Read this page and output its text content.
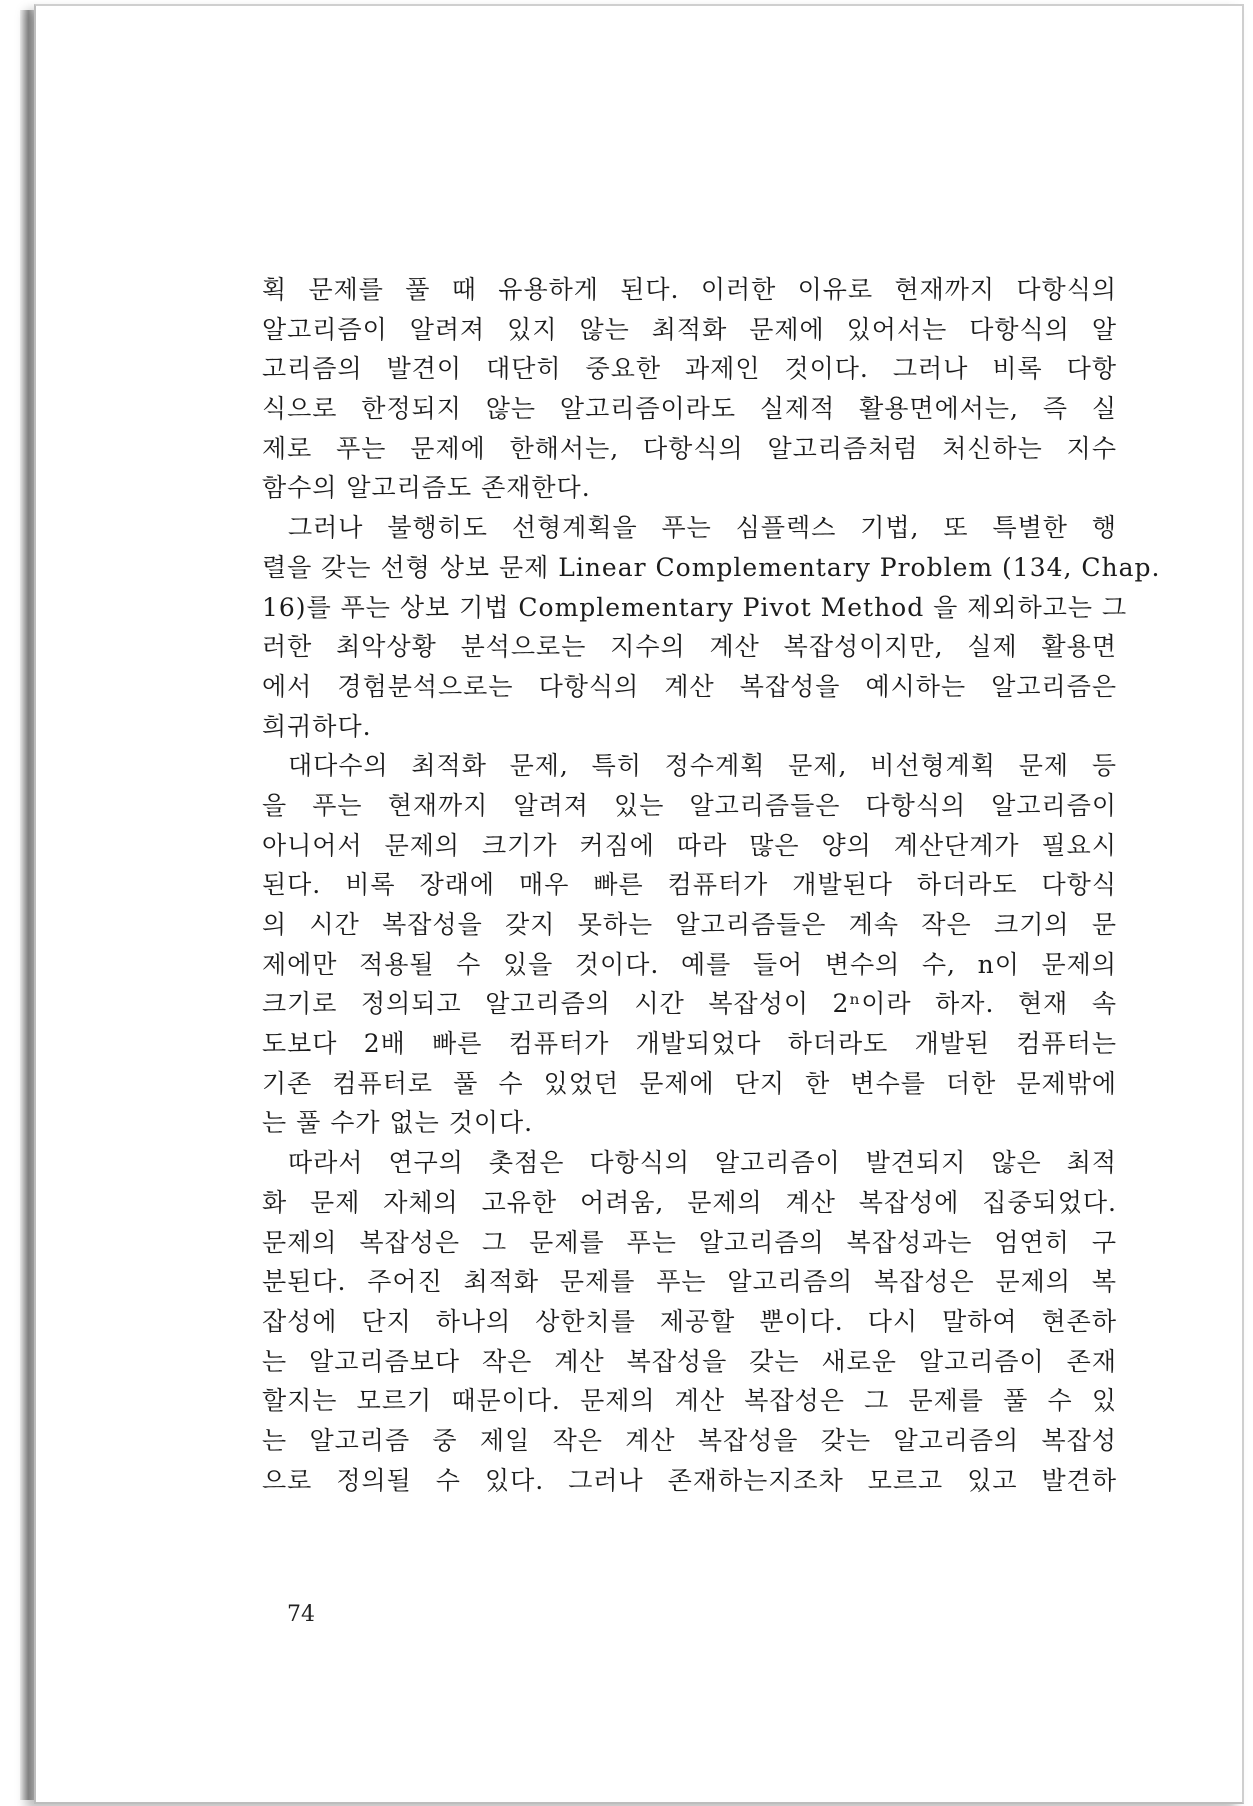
획 문제를 풀 때 유용하게 된다. 이러한 이유로 현재까지 다항식의
알고리즘이 알려져 있지 않는 최적화 문제에 있어서는 다항식의 알
고리즘의 발견이 대단히 중요한 과제인 것이다. 그러나 비록 다항
식으로 한정되지 않는 알고리즘이라도 실제적 활용면에서는, 즉 실
제로 푸는 문제에 한해서는, 다항식의 알고리즘처럼 처신하는 지수
함수의 알고리즘도 존재한다.
그러나 불행히도 선형계획을 푸는 심플렉스 기법, 또 특별한 행
렬을 갖는 선형 상보 문제 Linear Complementary Problem (134, Chap.
16)를 푸는 상보 기법 Complementary Pivot Method 을 제외하고는 그
러한 최악상황 분석으로는 지수의 계산 복잡성이지만, 실제 활용면
에서 경험분석으로는 다항식의 계산 복잡성을 예시하는 알고리즘은
희귀하다.
대다수의 최적화 문제, 특히 정수계획 문제, 비선형계획 문제 등
을 푸는 현재까지 알려져 있는 알고리즘들은 다항식의 알고리즘이
아니어서 문제의 크기가 커짐에 따라 많은 양의 계산단계가 필요시
된다. 비록 장래에 매우 빠른 컴퓨터가 개발된다 하더라도 다항식
의 시간 복잡성을 갖지 못하는 알고리즘들은 계속 작은 크기의 문
제에만 적용될 수 있을 것이다. 예를 들어 변수의 수, n이 문제의
크기로 정의되고 알고리즘의 시간 복잡성이 2ⁿ이라 하자. 현재 속
도보다 2배 빠른 컴퓨터가 개발되었다 하더라도 개발된 컴퓨터는
기존 컴퓨터로 풀 수 있었던 문제에 단지 한 변수를 더한 문제밖에
는 풀 수가 없는 것이다.
따라서 연구의 촛점은 다항식의 알고리즘이 발견되지 않은 최적
화 문제 자체의 고유한 어려움, 문제의 계산 복잡성에 집중되었다.
문제의 복잡성은 그 문제를 푸는 알고리즘의 복잡성과는 엄연히 구
분된다. 주어진 최적화 문제를 푸는 알고리즘의 복잡성은 문제의 복
잡성에 단지 하나의 상한치를 제공할 뿐이다. 다시 말하여 현존하
는 알고리즘보다 작은 계산 복잡성을 갖는 새로운 알고리즘이 존재
할지는 모르기 때문이다. 문제의 계산 복잡성은 그 문제를 풀 수 있
는 알고리즘 중 제일 작은 계산 복잡성을 갖는 알고리즘의 복잡성
으로 정의될 수 있다. 그러나 존재하는지조차 모르고 있고 발견하
74
